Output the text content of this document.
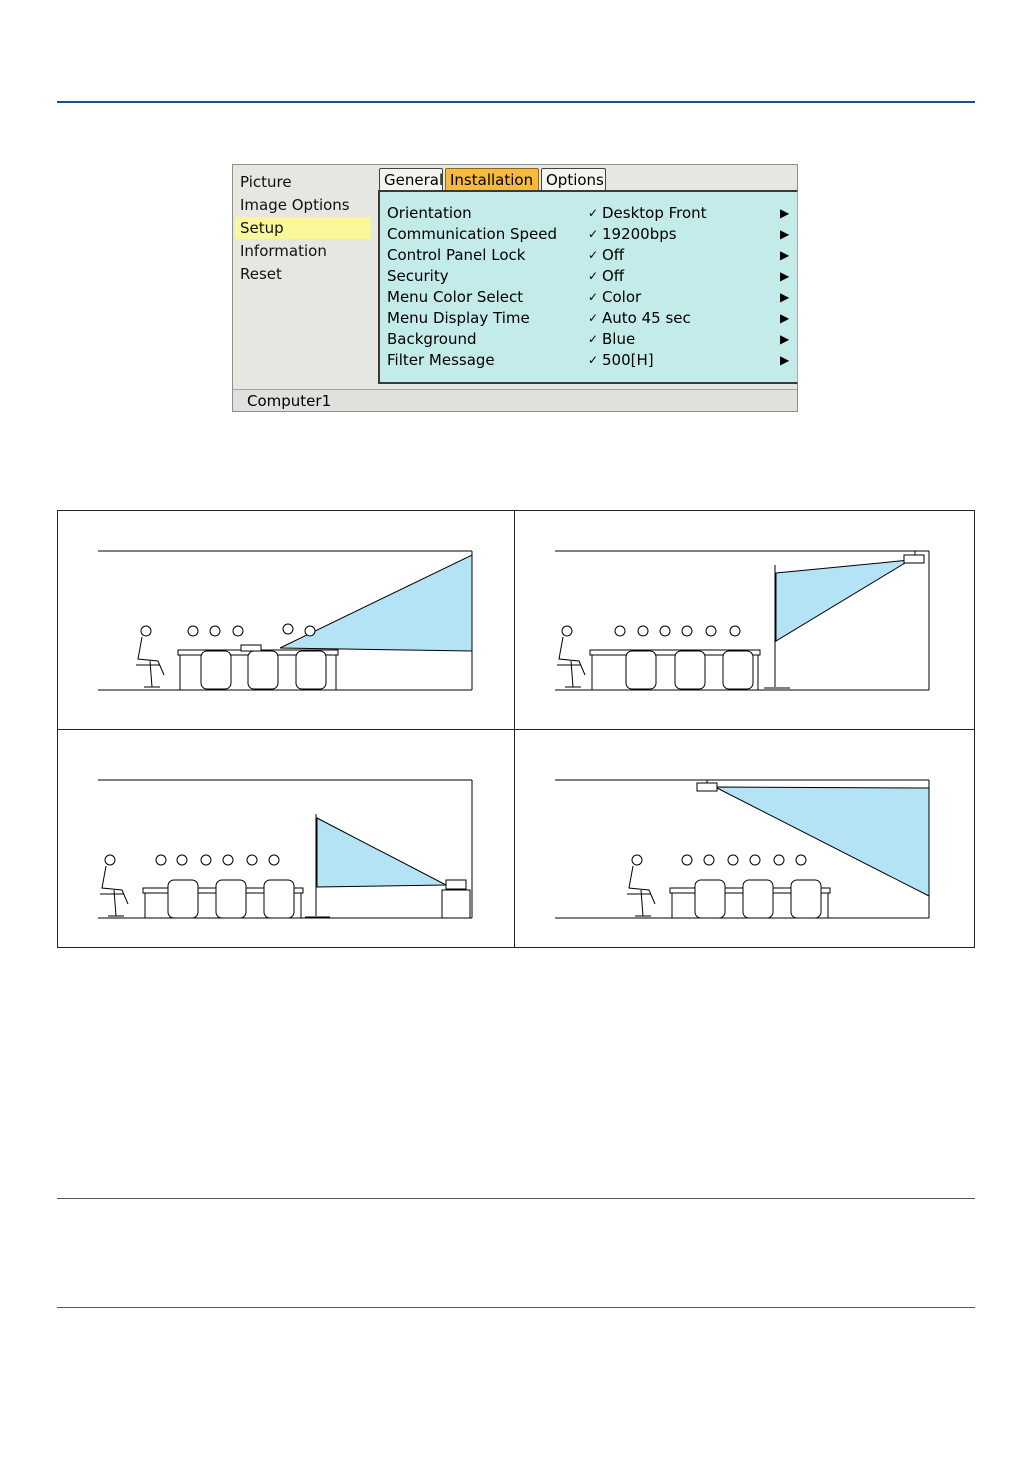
Picture
Image Options
Setup
Information
Reset
General Installation Options
Orientation	✓ Desktop Front	▶
Communication Speed	✓ 19200bps	▶
Control Panel Lock	✓ Off	▶
Security	✓ Off	▶
Menu Color Select	✓ Color	▶
Menu Display Time	✓ Auto 45 sec	▶
Background	✓ Blue	▶
Filter Message	✓ 500[H]	▶
Computer1
